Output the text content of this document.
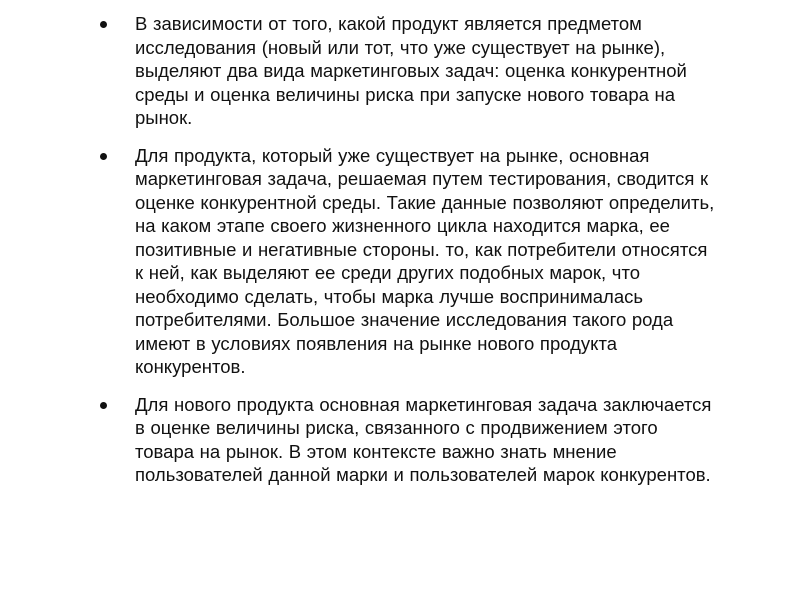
В зависимости от того, какой продукт является предметом исследования (новый или тот, что уже существует на рынке), выделяют два вида маркетинговых задач: оценка конкурентной среды и оценка величины риска при запуске нового товара на рынок.
Для продукта, который уже существует на рынке, основная маркетинговая задача, решаемая путем тестирования, сводится к оценке конкурентной среды. Такие данные позволяют определить, на каком этапе своего жизненного цикла находится марка, ее позитивные и негативные стороны. то, как потребители относятся к ней, как выделяют ее среди других подобных марок, что необходимо сделать, чтобы марка лучше воспринималась потребителями. Большое значение исследования такого рода имеют в условиях появления на рынке нового продукта конкурентов.
Для нового продукта основная маркетинговая задача заключается в оценке величины риска, связанного с продвижением этого товара на рынок. В этом контексте важно знать мнение пользователей данной марки и пользователей марок конкурентов.
